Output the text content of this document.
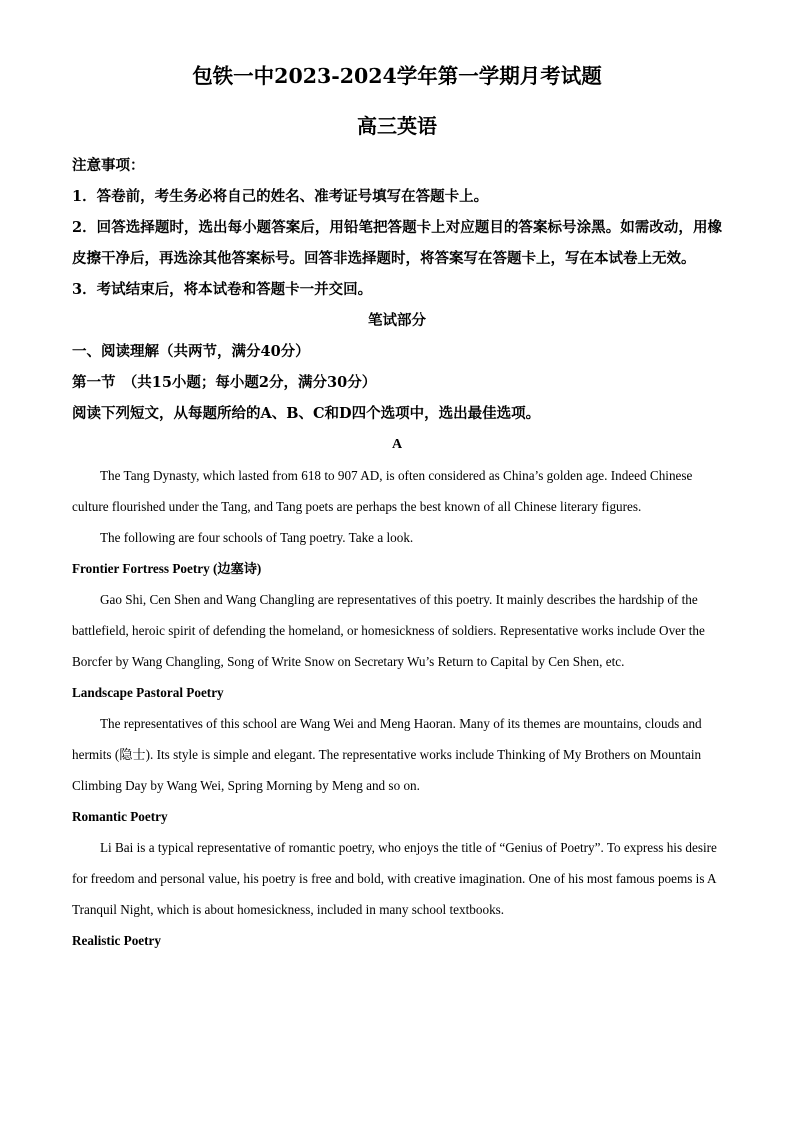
包铁一中2023-2024学年第一学期月考试题

高三英语

注意事项：

1．答卷前，考生务必将自己的姓名、准考证号填写在答题卡上。

2．回答选择题时，选出每小题答案后，用铅笔把答题卡上对应题目的答案标号涂黑。如需改动，用橡皮擦干净后，再选涂其他答案标号。回答非选择题时，将答案写在答题卡上，写在本试卷上无效。

3．考试结束后，将本试卷和答题卡一并交回。

笔试部分

一、阅读理解（共两节，满分40分）

第一节　（共15小题；每小题2分，满分30分）

阅读下列短文，从每题所给的A、B、C和D四个选项中，选出最佳选项。

A

The Tang Dynasty, which lasted from 618 to 907 AD, is often considered as China’s golden age. Indeed Chinese culture flourished under the Tang, and Tang poets are perhaps the best known of all Chinese literary figures.

The following are four schools of Tang poetry. Take a look.

Frontier Fortress Poetry (边塞诗)

Gao Shi, Cen Shen and Wang Changling are representatives of this poetry. It mainly describes the hardship of the battlefield, heroic spirit of defending the homeland, or homesickness of soldiers. Representative works include Over the Borcfer by Wang Changling, Song of Write Snow on Secretary Wu’s Return to Capital by Cen Shen, etc.

Landscape Pastoral Poetry

The representatives of this school are Wang Wei and Meng Haoran. Many of its themes are mountains, clouds and hermits (隐士). Its style is simple and elegant. The representative works include Thinking of My Brothers on Mountain Climbing Day by Wang Wei, Spring Morning by Meng and so on.

Romantic Poetry

Li Bai is a typical representative of romantic poetry, who enjoys the title of “Genius of Poetry”. To express his desire for freedom and personal value, his poetry is free and bold, with creative imagination. One of his most famous poems is A Tranquil Night, which is about homesickness, included in many school textbooks.

Realistic Poetry
